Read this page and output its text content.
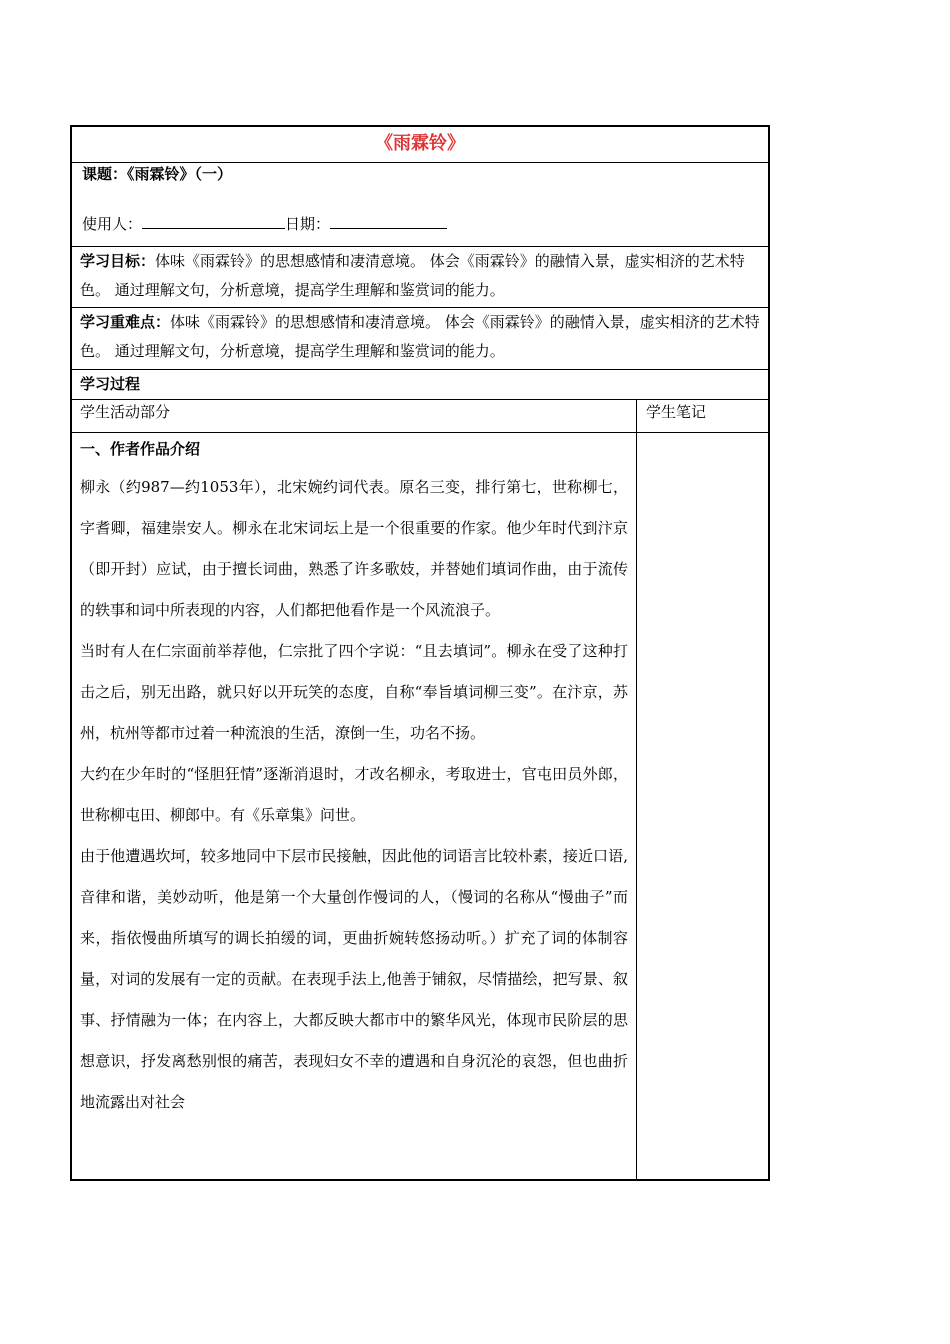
《雨霖铃》
课题：《雨霖铃》（一）
使用人：	日期：
学习目标：体味《雨霖铃》的思想感情和凄清意境。 体会《雨霖铃》的融情入景，虚实相济的艺术特色。 通过理解文句，分析意境，提高学生理解和鉴赏词的能力。
学习重难点：体味《雨霖铃》的思想感情和凄清意境。 体会《雨霖铃》的融情入景，虚实相济的艺术特色。 通过理解文句，分析意境，提高学生理解和鉴赏词的能力。
学习过程
学生活动部分	学生笔记
一、作者作品介绍

柳永（约987—约1053年），北宋婉约词代表。原名三变，排行第七，世称柳七，字耆卿，福建崇安人。柳永在北宋词坛上是一个很重要的作家。他少年时代到汴京（即开封）应试，由于擅长词曲，熟悉了许多歌妓，并替她们填词作曲，由于流传的轶事和词中所表现的内容，人们都把他看作是一个风流浪子。

当时有人在仁宗面前举荐他，仁宗批了四个字说：“且去填词”。柳永在受了这种打击之后，别无出路，就只好以开玩笑的态度，自称“奉旨填词柳三变”。在汴京，苏州，杭州等都市过着一种流浪的生活，潦倒一生，功名不扬。

大约在少年时的“怪胆狂情”逐渐消退时，才改名柳永，考取进士，官屯田员外郎，世称柳屯田、柳郎中。有《乐章集》问世。

由于他遭遇坎坷，较多地同中下层市民接触，因此他的词语言比较朴素，接近口语,音律和谐，美妙动听，他是第一个大量创作慢词的人，（慢词的名称从“慢曲子”而来，指依慢曲所填写的调长拍缓的词，更曲折婉转悠扬动听。）扩充了词的体制容量，对词的发展有一定的贡献。在表现手法上,他善于铺叙，尽情描绘，把写景、叙事、抒情融为一体；在内容上，大都反映大都市中的繁华风光，体现市民阶层的思想意识，抒发离愁别恨的痛苦，表现妇女不幸的遭遇和自身沉沦的哀怨，但也曲折地流露出对社会
